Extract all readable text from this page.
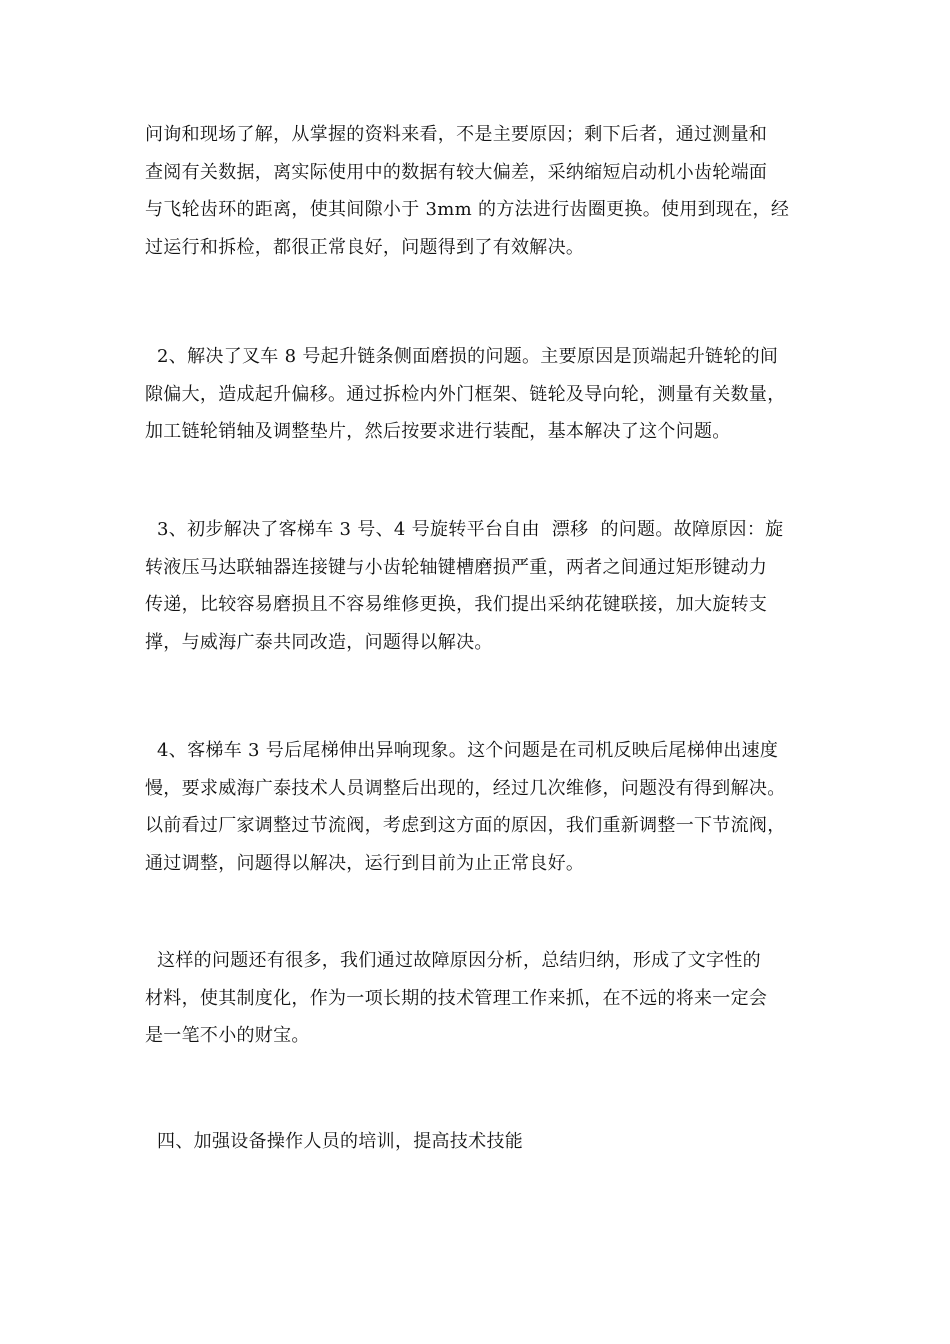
问询和现场了解，从掌握的资料来看，不是主要原因；剩下后者，通过测量和
查阅有关数据，离实际使用中的数据有较大偏差，采纳缩短启动机小齿轮端面
与飞轮齿环的距离，使其间隙小于 3mm 的方法进行齿圈更换。使用到现在，经
过运行和拆检，都很正常良好，问题得到了有效解决。

2、解决了叉车 8 号起升链条侧面磨损的问题。主要原因是顶端起升链轮的间
隙偏大，造成起升偏移。通过拆检内外门框架、链轮及导向轮，测量有关数量，
加工链轮销轴及调整垫片，然后按要求进行装配，基本解决了这个问题。

3、初步解决了客梯车 3 号、4 号旋转平台自由  漂移  的问题。故障原因：旋
转液压马达联轴器连接键与小齿轮轴键槽磨损严重，两者之间通过矩形键动力
传递，比较容易磨损且不容易维修更换，我们提出采纳花键联接，加大旋转支
撑，与威海广泰共同改造，问题得以解决。

4、客梯车 3 号后尾梯伸出异响现象。这个问题是在司机反映后尾梯伸出速度
慢，要求威海广泰技术人员调整后出现的，经过几次维修，问题没有得到解决。
以前看过厂家调整过节流阀，考虑到这方面的原因，我们重新调整一下节流阀，
通过调整，问题得以解决，运行到目前为止正常良好。

这样的问题还有很多，我们通过故障原因分析，总结归纳，形成了文字性的
材料，使其制度化，作为一项长期的技术管理工作来抓，在不远的将来一定会
是一笔不小的财宝。

四、加强设备操作人员的培训，提高技术技能
